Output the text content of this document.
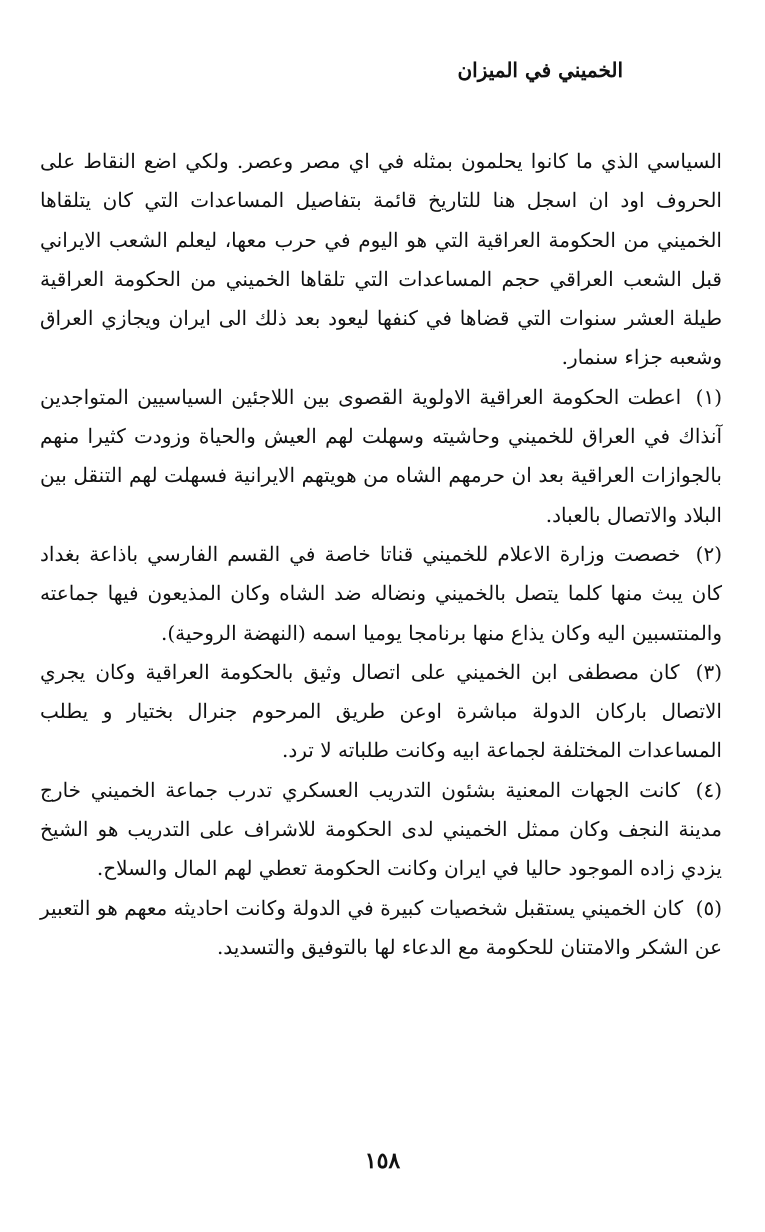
الخميني في الميزان

السياسي الذي ما كانوا يحلمون بمثله في اي مصر وعصر. ولكي اضع النقاط على الحروف اود ان اسجل هنا للتاريخ قائمة بتفاصيل المساعدات التي كان يتلقاها الخميني من الحكومة العراقية التي هو اليوم في حرب معها، ليعلم الشعب الايراني قبل الشعب العراقي حجم المساعدات التي تلقاها الخميني من الحكومة العراقية طيلة العشر سنوات التي قضاها في كنفها ليعود بعد ذلك الى ايران ويجازي العراق وشعبه جزاء سنمار.

(١) اعطت الحكومة العراقية الاولوية القصوى بين اللاجئين السياسيين المتواجدين آنذاك في العراق للخميني وحاشيته وسهلت لهم العيش والحياة وزودت كثيرا منهم بالجوازات العراقية بعد ان حرمهم الشاه من هويتهم الايرانية فسهلت لهم التنقل بين البلاد والاتصال بالعباد.

(٢) خصصت وزارة الاعلام للخميني قناتا خاصة في القسم الفارسي باذاعة بغداد كان يبث منها كلما يتصل بالخميني ونضاله ضد الشاه وكان المذيعون فيها جماعته والمنتسبين اليه وكان يذاع منها برنامجا يوميا اسمه (النهضة الروحية).

(٣) كان مصطفى ابن الخميني على اتصال وثيق بالحكومة العراقية وكان يجري الاتصال باركان الدولة مباشرة اوعن طريق المرحوم جنرال بختيار و يطلب المساعدات المختلفة لجماعة ابيه وكانت طلباته لا ترد.

(٤) كانت الجهات المعنية بشئون التدريب العسكري تدرب جماعة الخميني خارج مدينة النجف وكان ممثل الخميني لدى الحكومة للاشراف على التدريب هو الشيخ يزدي زاده الموجود حاليا في ايران وكانت الحكومة تعطي لهم المال والسلاح.

(٥) كان الخميني يستقبل شخصيات كبيرة في الدولة وكانت احاديثه معهم هو التعبير عن الشكر والامتنان للحكومة مع الدعاء لها بالتوفيق والتسديد.

١٥٨
